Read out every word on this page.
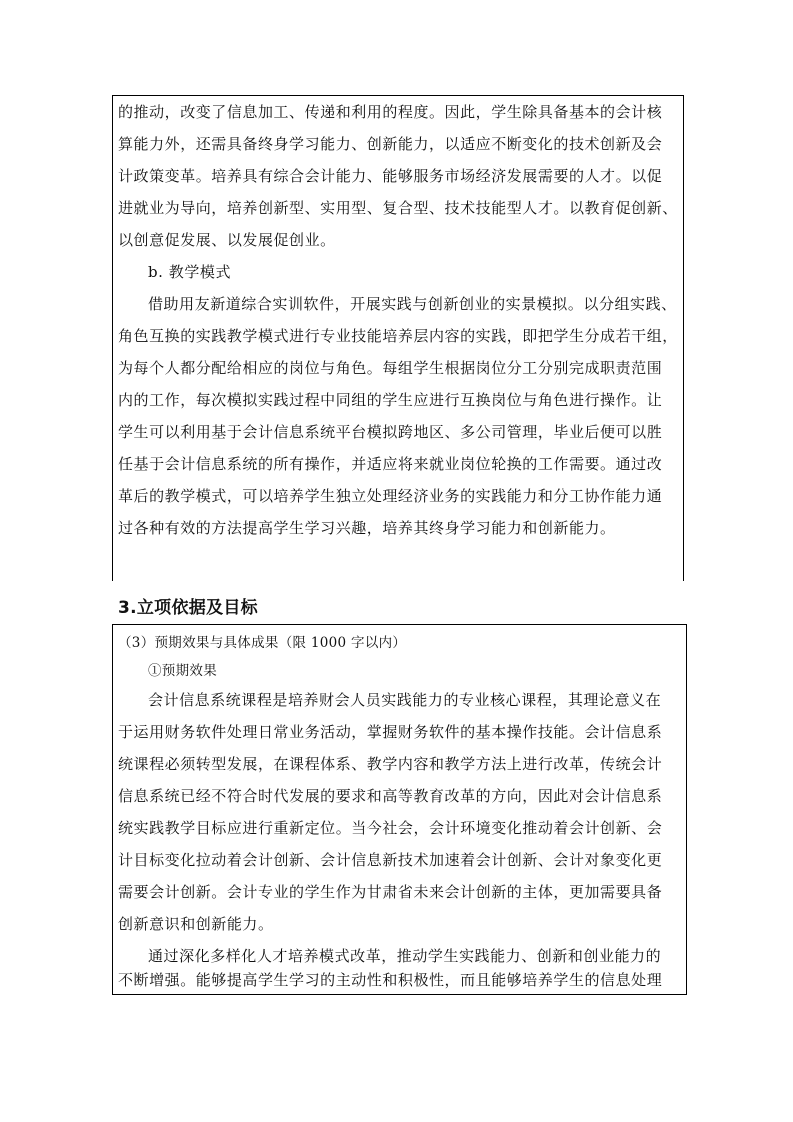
的推动，改变了信息加工、传递和利用的程度。因此，学生除具备基本的会计核
算能力外，还需具备终身学习能力、创新能力，以适应不断变化的技术创新及会
计政策变革。培养具有综合会计能力、能够服务市场经济发展需要的人才。以促
进就业为导向，培养创新型、实用型、复合型、技术技能型人才。以教育促创新、
以创意促发展、以发展促创业。
b. 教学模式
借助用友新道综合实训软件，开展实践与创新创业的实景模拟。以分组实践、
角色互换的实践教学模式进行专业技能培养层内容的实践，即把学生分成若干组，
为每个人都分配给相应的岗位与角色。每组学生根据岗位分工分别完成职责范围
内的工作，每次模拟实践过程中同组的学生应进行互换岗位与角色进行操作。让
学生可以利用基于会计信息系统平台模拟跨地区、多公司管理，毕业后便可以胜
任基于会计信息系统的所有操作，并适应将来就业岗位轮换的工作需要。通过改
革后的教学模式，可以培养学生独立处理经济业务的实践能力和分工协作能力通
过各种有效的方法提高学生学习兴趣，培养其终身学习能力和创新能力。
3.立项依据及目标
（3）预期效果与具体成果（限 1000 字以内）
①预期效果
会计信息系统课程是培养财会人员实践能力的专业核心课程，其理论意义在
于运用财务软件处理日常业务活动，掌握财务软件的基本操作技能。会计信息系
统课程必须转型发展，在课程体系、教学内容和教学方法上进行改革，传统会计
信息系统已经不符合时代发展的要求和高等教育改革的方向，因此对会计信息系
统实践教学目标应进行重新定位。当今社会，会计环境变化推动着会计创新、会
计目标变化拉动着会计创新、会计信息新技术加速着会计创新、会计对象变化更
需要会计创新。会计专业的学生作为甘肃省未来会计创新的主体，更加需要具备
创新意识和创新能力。
通过深化多样化人才培养模式改革，推动学生实践能力、创新和创业能力的
不断增强。能够提高学生学习的主动性和积极性，而且能够培养学生的信息处理
